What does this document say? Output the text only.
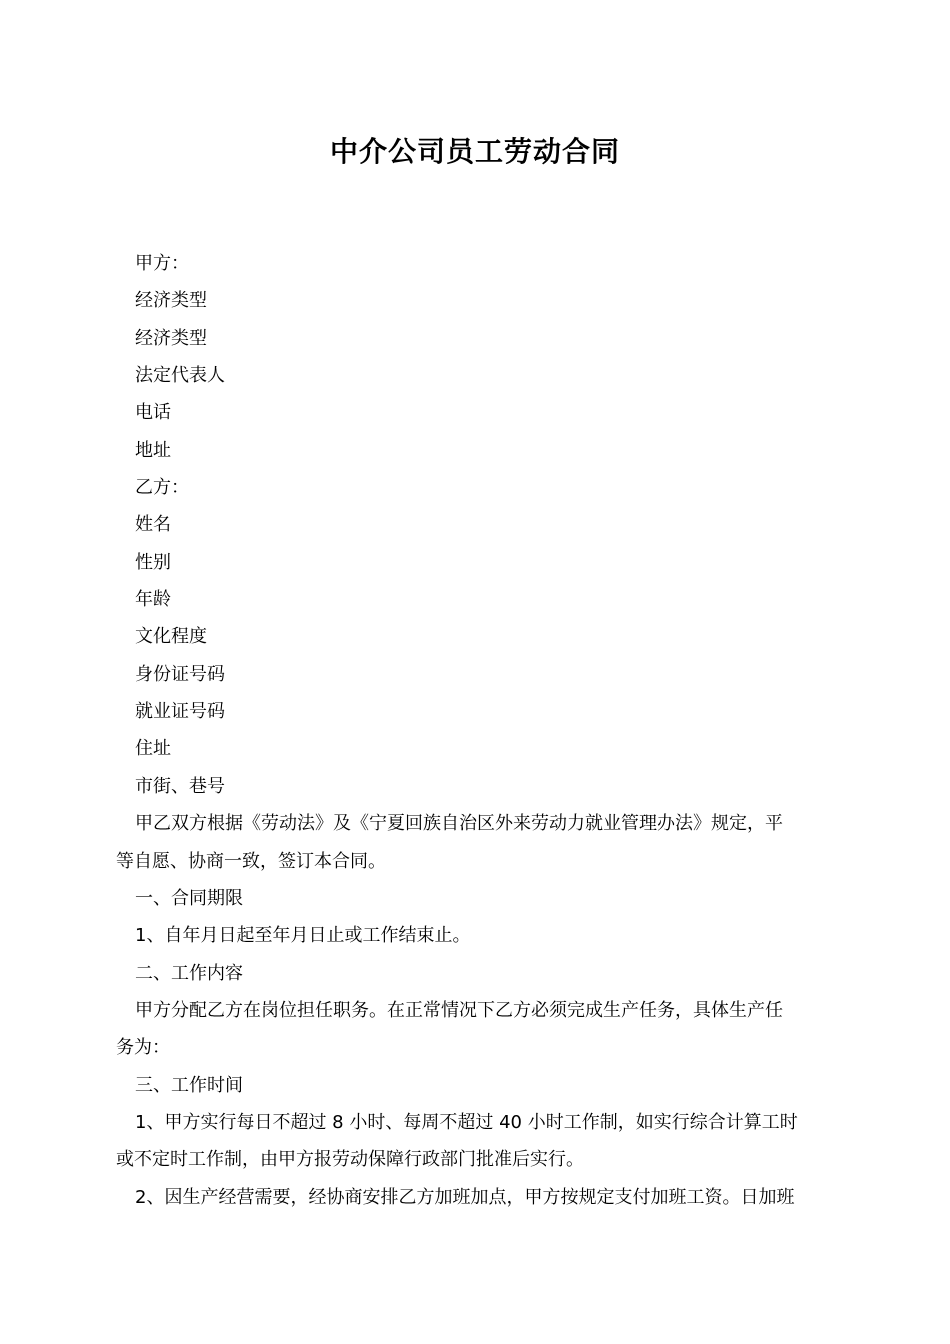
中介公司员工劳动合同
甲方：
经济类型
经济类型
法定代表人
电话
地址
乙方：
姓名
性别
年龄
文化程度
身份证号码
就业证号码
住址
市街、巷号
甲乙双方根据《劳动法》及《宁夏回族自治区外来劳动力就业管理办法》规定，平
等自愿、协商一致，签订本合同。
一、合同期限
1、自年月日起至年月日止或工作结束止。
二、工作内容
甲方分配乙方在岗位担任职务。在正常情况下乙方必须完成生产任务，具体生产任
务为：
三、工作时间
1、甲方实行每日不超过 8 小时、每周不超过 40 小时工作制，如实行综合计算工时
或不定时工作制，由甲方报劳动保障行政部门批准后实行。
2、因生产经营需要，经协商安排乙方加班加点，甲方按规定支付加班工资。日加班
